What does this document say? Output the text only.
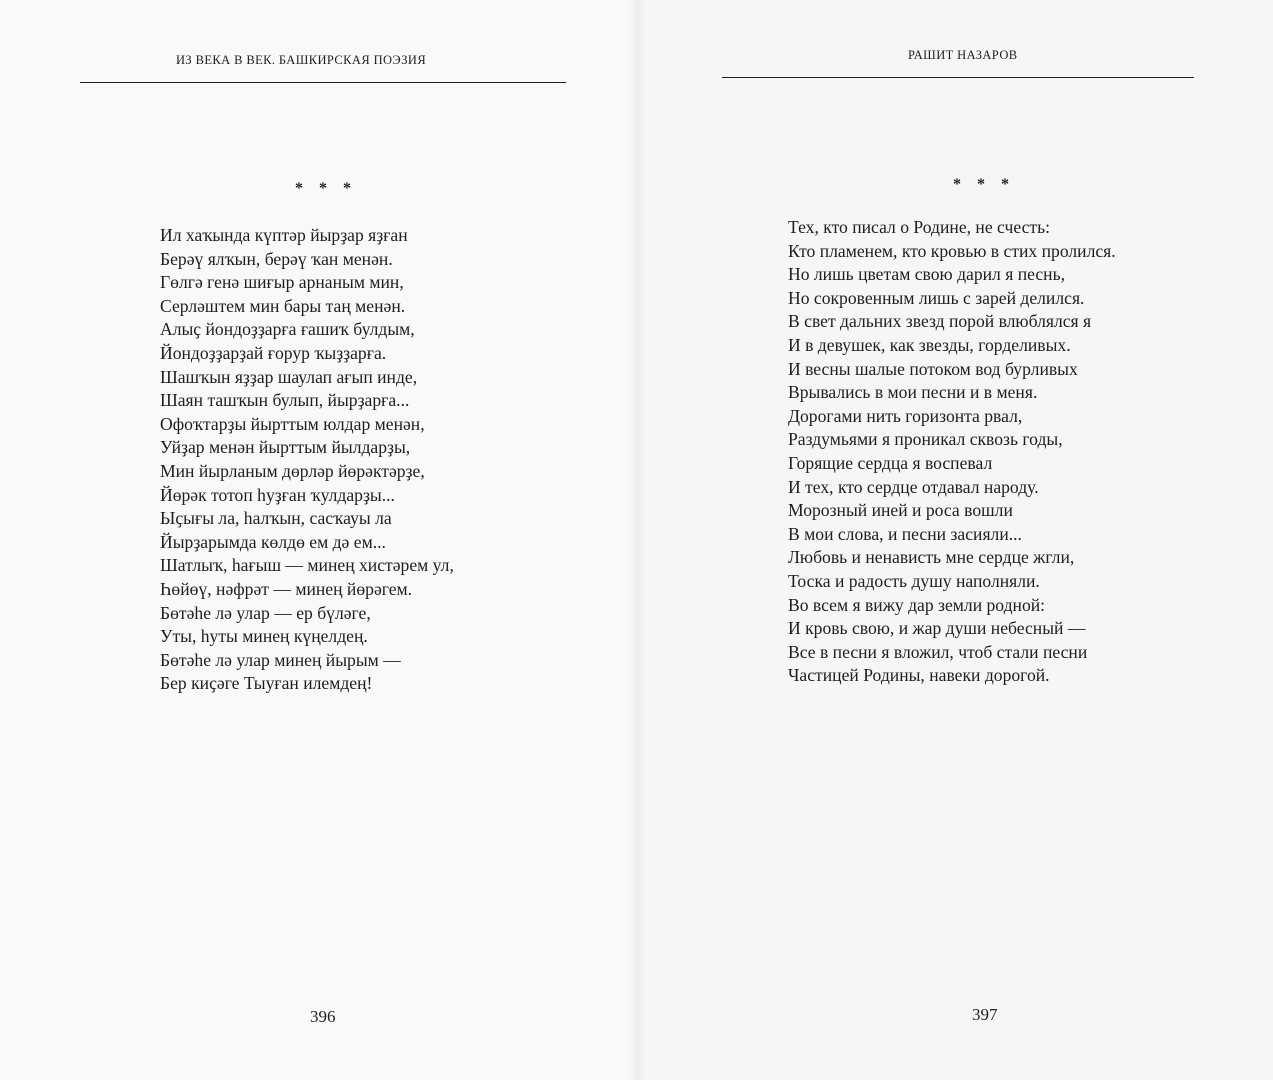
ИЗ ВЕКА В ВЕК. БАШКИРСКАЯ ПОЭЗИЯ
* * *
Ил хаҡында күптәр йырҙар яҙған
Берәү ялҡын, берәү ҡан менән.
Гөлгә генә шиғыр арнаным мин,
Серләштем мин бары таң менән.
Алыҫ йондоҙҙарға ғашиҡ булдым,
Йондоҙҙарҙай ғорур ҡыҙҙарға.
Шашҡын яҙҙар шаулап ағып инде,
Шаян ташҡын булып, йырҙарға...
Офоҡтарҙы йырттым юлдар менән,
Уйҙар менән йырттым йылдарҙы,
Мин йырланым дөрләр йөрәктәрҙе,
Йөрәк тотоп һуҙған ҡулдарҙы...
Ыҫығы ла, һалҡын, сасҡауы ла
Йырҙарымда көлдө ем дә ем...
Шатлыҡ, һағыш — минең хистәрем ул,
Һөйөү, нәфрәт — минең йөрәгем.
Бөтәһе лә улар — ер бүләге,
Уты, һуты минең күңелдең.
Бөтәһе лә улар минең йырым —
Бер киҫәге Тыуған илемдең!
396
РАШИТ НАЗАРОВ
* * *
Тех, кто писал о Родине, не счесть:
Кто пламенем, кто кровью в стих пролился.
Но лишь цветам свою дарил я песнь,
Но сокровенным лишь с зарей делился.
В свет дальних звезд порой влюблялся я
И в девушек, как звезды, горделивых.
И весны шалые потоком вод бурливых
Врывались в мои песни и в меня.
Дорогами нить горизонта рвал,
Раздумьями я проникал сквозь годы,
Горящие сердца я воспевал
И тех, кто сердце отдавал народу.
Морозный иней и роса вошли
В мои слова, и песни засияли...
Любовь и ненависть мне сердце жгли,
Тоска и радость душу наполняли.
Во всем я вижу дар земли родной:
И кровь свою, и жар души небесный —
Все в песни я вложил, чтоб стали песни
Частицей Родины, навеки дорогой.
397
